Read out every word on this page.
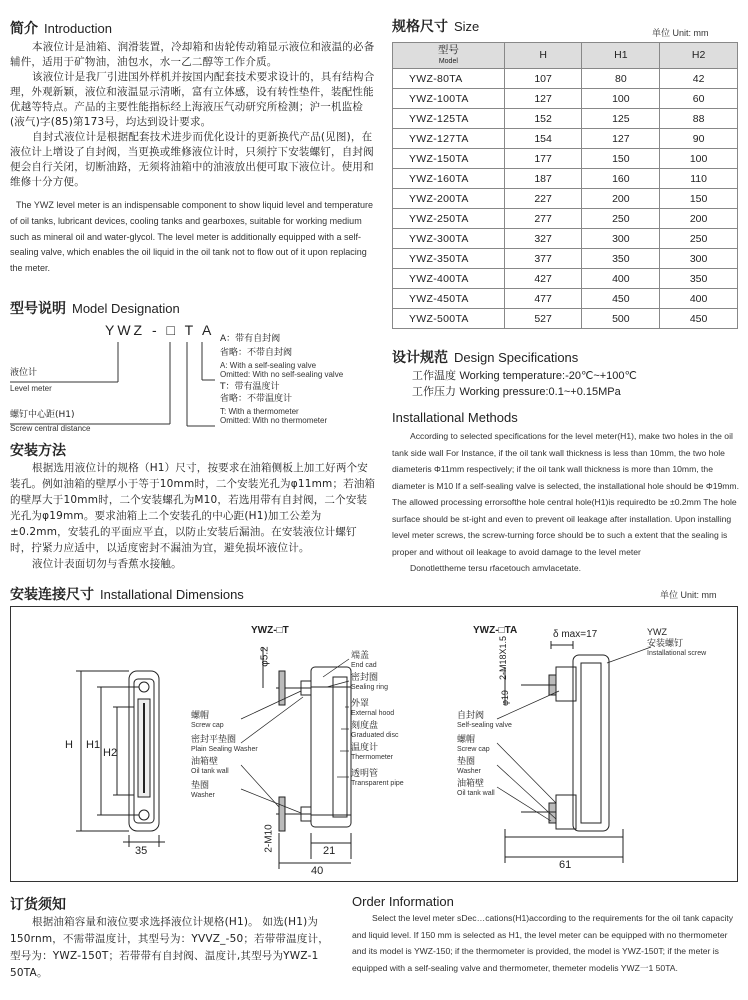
简介 Introduction

本液位计是油箱、润滑装置，冷却箱和齿轮传动箱显示液位和液温的必备辅件，适用于矿物油，油包水，水一乙二醇等工作介质。

该液位计是我厂引进国外样机并按国内配套技术要求设计的，具有结构合理，外观新颖，液位和液温显示清晰，富有立体感，设有转性垫件，装配性能优越等特点。产品的主要性能指标经上海液压气动研究所检测；沪一机监检(液气)字(85)第173号，均达到设计要求。

自封式液位计是根据配套技术进步而优化设计的更新换代产品(见图)，在液位计上增设了自封阀，当更换或维修液位计时，只须拧下安装螺钉，自封阀便会自行关闭，切断油路，无须将油箱中的油液放出便可取下液位计。使用和维修十分方便。

The YWZ level meter is an indispensable component to show liquid level and temperature of oil tanks, lubricant devices, cooling tanks and gearboxes, suitable for working medium such as mineral oil and water-glycol. The level meter is additionally equipped with a self-sealing valve, which enables the oil liquid in the oil tank not to flow out of it upon replacing the meter.
型号说明 Model Designation
YWZ - □ T A
A：带有自封阀
省略：不带自封阀
A: With a self-sealing valve
Omitted: With no self-sealing valve
T：带有温度计
省略：不带温度计
T: With a thermometer
Omitted: With no thermometer
液位计
Level meter
螺钉中心距(H1)
Screw central distance
安装方法

根据选用液位计的规格（H1）尺寸，按要求在油箱侧板上加工好两个安装孔。例如油箱的壁厚小于等于10mm时，二个安装光孔为φ11mm；若油箱的壁厚大于10mm时，二个安装螺孔为M10，若选用带有自封阀，二个安装光孔为φ19mm。要求油箱上二个安装孔的中心距(H1)加工公差为±0.2mm，安装孔的平面应平直，以防止安装后漏油。在安装液位计螺钉时，拧紧力应适中，以适度密封不漏油为宜，避免损坏液位计。

液位计表面切勿与香蕉水接触。

规格尺寸 Size	单位 Unit: mm
型号
Model	H	H1	H2
YWZ-80TA	107	80	42
YWZ-100TA	127	100	60
YWZ-125TA	152	125	88
YWZ-127TA	154	127	90
YWZ-150TA	177	150	100
YWZ-160TA	187	160	110
YWZ-200TA	227	200	150
YWZ-250TA	277	250	200
YWZ-300TA	327	300	250
YWZ-350TA	377	350	300
YWZ-400TA	427	400	350
YWZ-450TA	477	450	400
YWZ-500TA	527	500	450
设计规范 Design Specifications
工作温度 Working temperature:-20℃~+100℃
工作压力 Working pressure:0.1~+0.15MPa
Installational Methods
According to selected specifications for the level meter(H1), make two holes in the oil tank side wall For Instance, if the oil tank wall thickness is less than 10mm, the two hole diameteris Φ11mm respectively; if the oil tank wall thickness is more than 10mm, the diameter is M10 If a self-sealing valve is selected, the installational hole should be Φ19mm. The allowed processing errorsofthe hole central hole(H1)is requiredto be ±0.2mm The hole surface should be st-ight and even to prevent oil leakage after installation. Upon installing level meter screws, the screw-turning force should be to such a extent that the sealing is proper and without oil leakage to avoid damage to the level meter
Donotlettheme tersu rfacetouch amvlacetate.
安装连接尺寸 Installational Dimensions	单位 Unit: mm
YWZ-□T	YWZ-□TA
H H1
H2
35
φ5.2
2-M10	21
40
δ max=17
2-M18X1.5
φ19
61
端盖
End cad
密封圈
Sealing ring
外罩
External hood
刻度盘
Graduated disc
温度计
Thermometer
透明管
Transparent pipe
螺帽
Screw cap
密封平垫圈
Plain Sealing Washer
油箱壁
Oil tank wall
垫圈
Washer
YWZ
安装螺钉
Installational screw
自封阀
Self-sealing valve
螺帽
Screw cap
垫圈
Washer
油箱壁
Oil tank wall
订货须知
根据油箱容量和液位要求选择液位计规格(H1)。 如选(H1)为150rnm，不需带温度计，其型号为：YVVZ_-50；若带带温度计，型号为：YWZ-150T；若带带有自封阀、温度计,其型号为YWZ-1 50TA。
Order Information
Select the level meter sDec…cations(H1)according to the requirements for the oil tank capacity and liquid level. If 150 mm is selected as H1, the level meter can be equipped with no thermometer and its model is YWZ-150; if the thermometer is provided, the model is YWZ-150T; if the meter is equipped with a self-sealing valve and thermometer, themeter modelis YWZ一1 50TA.
